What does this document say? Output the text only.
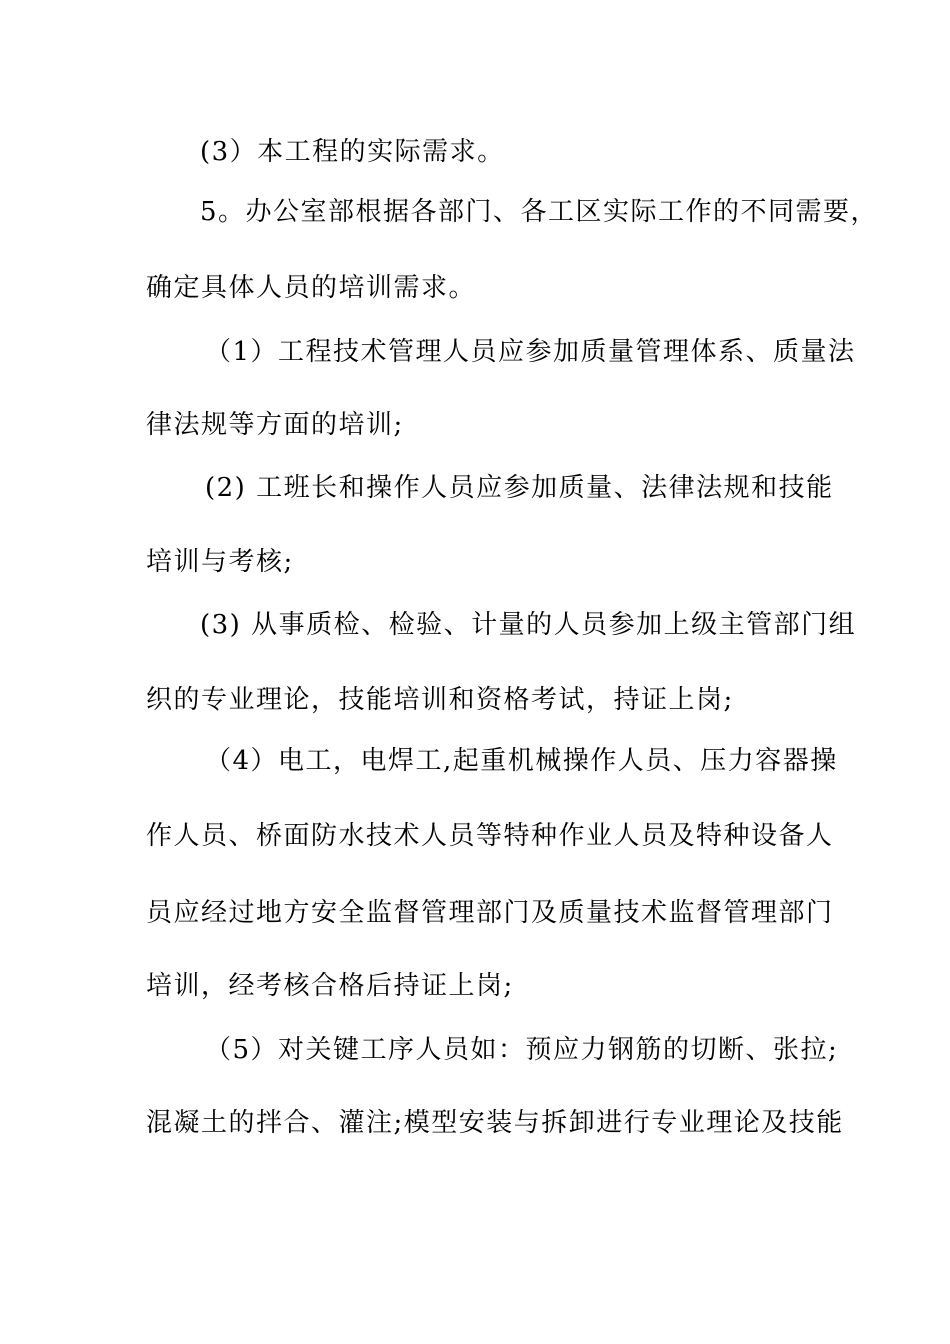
(3）本工程的实际需求。
5。办公室部根据各部门、各工区实际工作的不同需要，
确定具体人员的培训需求。
（1）工程技术管理人员应参加质量管理体系、质量法
律法规等方面的培训;
(2) 工班长和操作人员应参加质量、法律法规和技能
培训与考核;
(3) 从事质检、检验、计量的人员参加上级主管部门组
织的专业理论，技能培训和资格考试，持证上岗;
（4）电工，电焊工,起重机械操作人员、压力容器操
作人员、桥面防水技术人员等特种作业人员及特种设备人
员应经过地方安全监督管理部门及质量技术监督管理部门
培训，经考核合格后持证上岗;
（5）对关键工序人员如：预应力钢筋的切断、张拉;
混凝土的拌合、灌注;模型安装与拆卸进行专业理论及技能
